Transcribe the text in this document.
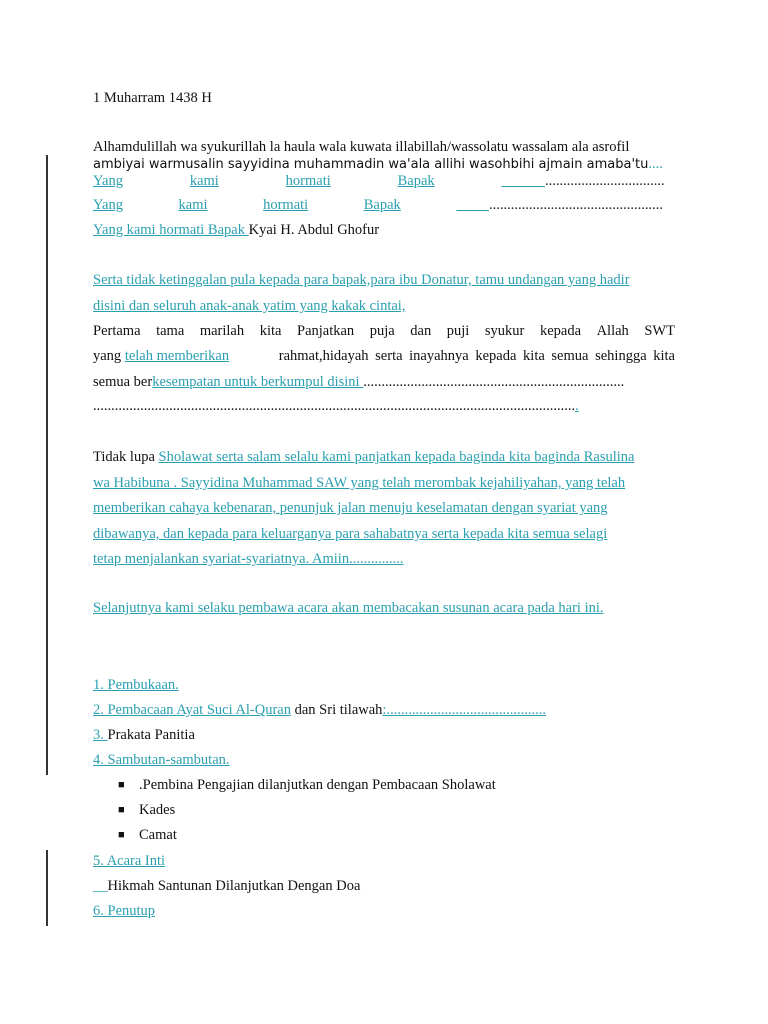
1 Muharram 1438 H
Alhamdulillah wa syukurillah la haula wala kuwata illabillah/wassolatu wassalam ala asrofil
ambiyai warmusalin sayyidina muhammadin wa'ala allihi wasohbihi ajmain amaba'tu....
Yang	kami	hormati	Bapak
	.................................
Yang	kami	hormati	Bapak
	................................................
Yang kami hormati Bapak Kyai H. Abdul Ghofur
Serta tidak ketinggalan pula kepada para bapak,para ibu Donatur, tamu undangan yang hadir
disini dan seluruh anak-anak yatim yang kakak cintai,
Pertama tama marilah kita Panjatkan puja dan puji syukur kepada Allah SWT
yang telah memberikan	rahmat,hidayah serta inayahnya kepada kita semua sehingga kita
semua berkesempatan untuk berkumpul disini ........................................................................
......................................................................................................................................
Tidak lupa Sholawat serta salam selalu kami panjatkan kepada baginda kita baginda Rasulina
wa Habibuna . Sayyidina Muhammad SAW yang telah merombak kejahiliyahan, yang telah
memberikan cahaya kebenaran, penunjuk jalan menuju keselamatan dengan syariat yang
dibawanya, dan kepada para keluarganya para sahabatnya serta kepada kita semua selagi
tetap menjalankan syariat-syariatnya. Amiin...............
Selanjutnya kami selaku pembawa acara akan membacakan susunan acara pada hari ini.
1. Pembukaan.
2. Pembacaan Ayat Suci Al-Quran dan Sri tilawah:............................................
3. Prakata Panitia
4. Sambutan-sambutan.
■ .Pembina Pengajian dilanjutkan dengan Pembacaan Sholawat
■ Kades
■ Camat
5. Acara Inti
__Hikmah Santunan Dilanjutkan Dengan Doa
6. Penutup
